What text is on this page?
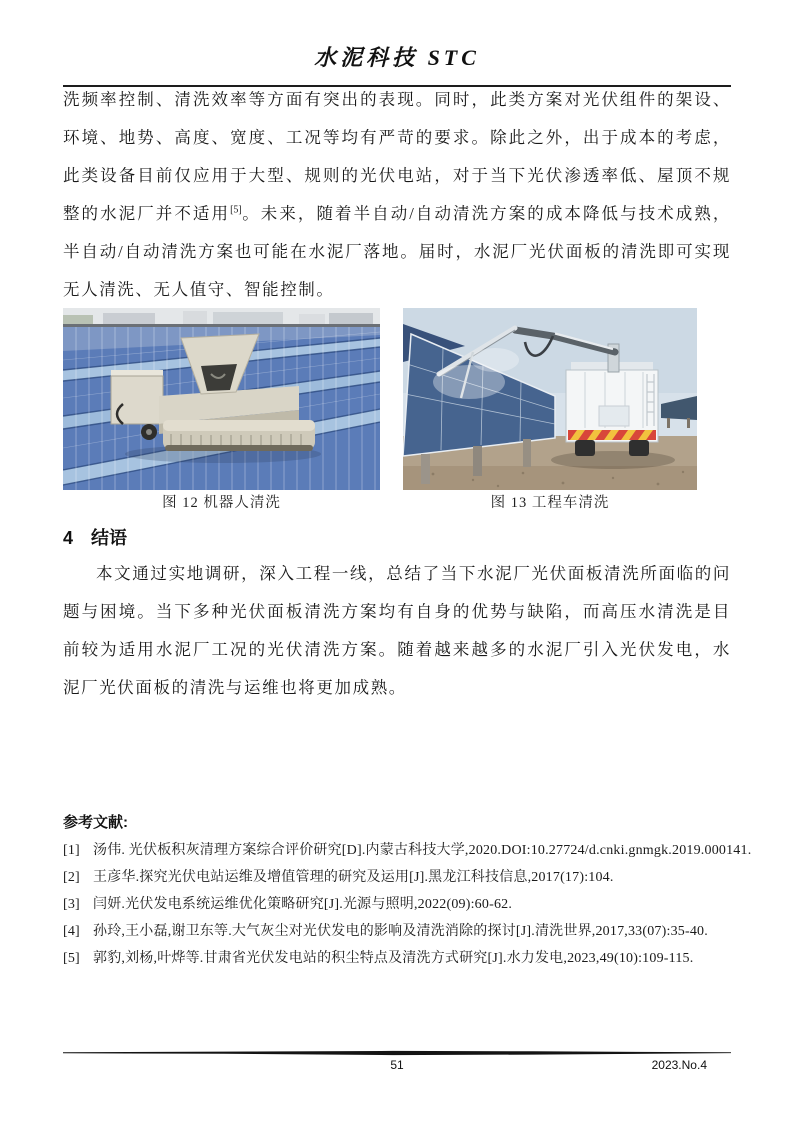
水泥科技 STC
洗频率控制、清洗效率等方面有突出的表现。同时，此类方案对光伏组件的架设、环境、地势、高度、宽度、工况等均有严苛的要求。除此之外，出于成本的考虑，此类设备目前仅应用于大型、规则的光伏电站，对于当下光伏渗透率低、屋顶不规整的水泥厂并不适用[5]。未来，随着半自动/自动清洗方案的成本降低与技术成熟，半自动/自动清洗方案也可能在水泥厂落地。届时，水泥厂光伏面板的清洗即可实现无人清洗、无人值守、智能控制。
图 12 机器人清洗	图 13 工程车清洗
4 结语
本文通过实地调研，深入工程一线，总结了当下水泥厂光伏面板清洗所面临的问题与困境。当下多种光伏面板清洗方案均有自身的优势与缺陷，而高压水清洗是目前较为适用水泥厂工况的光伏清洗方案。随着越来越多的水泥厂引入光伏发电，水泥厂光伏面板的清洗与运维也将更加成熟。
参考文献:
[1] 汤伟. 光伏板积灰清理方案综合评价研究[D].内蒙古科技大学,2020.DOI:10.27724/d.cnki.gnmgk.2019.000141.
[2] 王彦华.探究光伏电站运维及增值管理的研究及运用[J].黑龙江科技信息,2017(17):104.
[3] 闫妍.光伏发电系统运维优化策略研究[J].光源与照明,2022(09):60-62.
[4] 孙玲,王小磊,谢卫东等.大气灰尘对光伏发电的影响及清洗消除的探讨[J].清洗世界,2017,33(07):35-40.
[5] 郭豹,刘杨,叶烨等.甘肃省光伏发电站的积尘特点及清洗方式研究[J].水力发电,2023,49(10):109-115.
51	2023.No.4
